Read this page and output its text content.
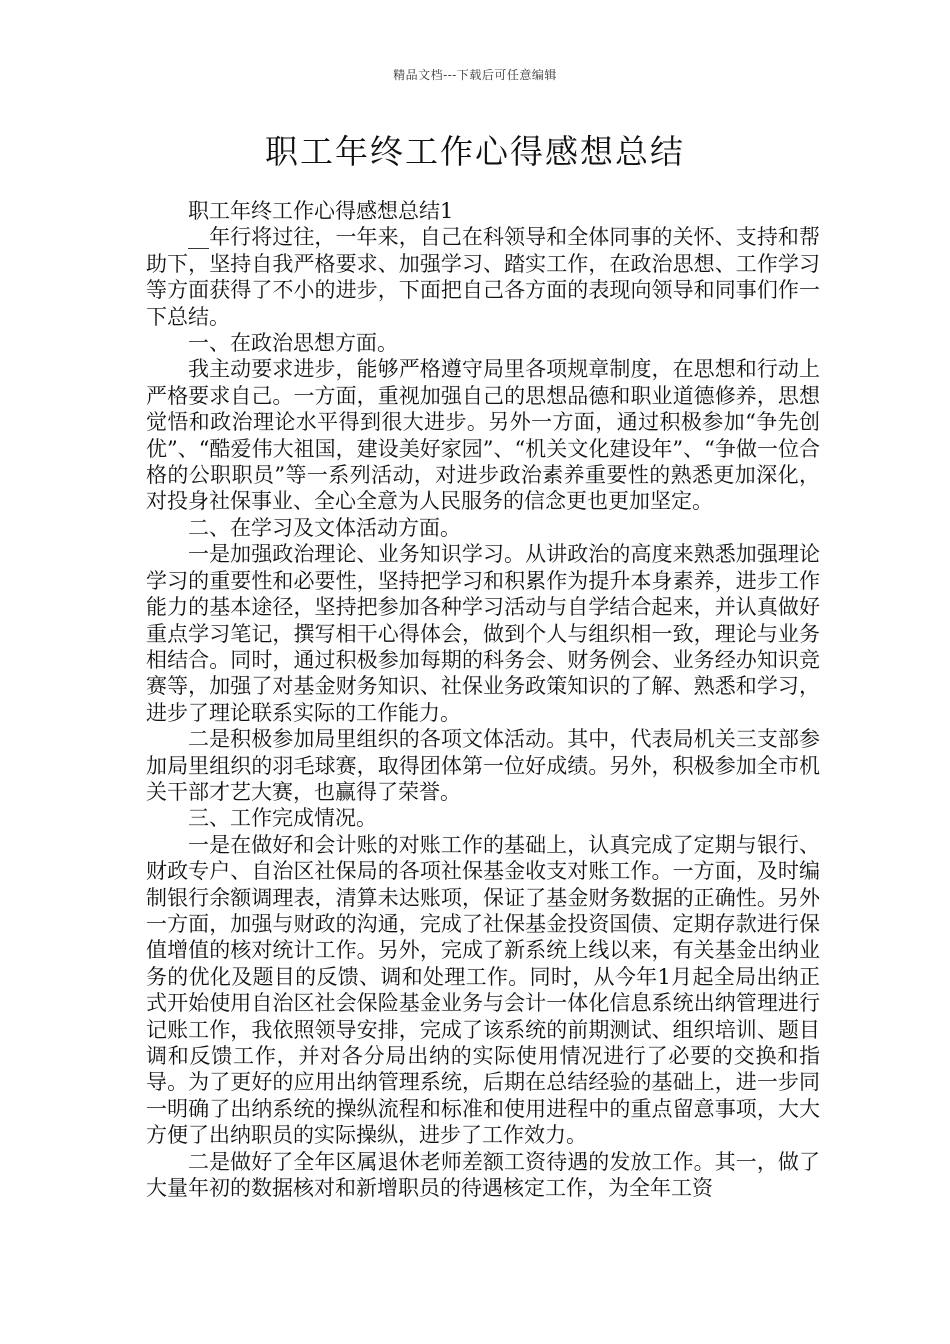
精品文档---下载后可任意编辑
职工年终工作心得感想总结

职工年终工作心得感想总结1

__年行将过往，一年来，自己在科领导和全体同事的关怀、支持和帮助下，坚持自我严格要求、加强学习、踏实工作，在政治思想、工作学习等方面获得了不小的进步，下面把自己各方面的表现向领导和同事们作一下总结。

一、在政治思想方面。

我主动要求进步，能够严格遵守局里各项规章制度，在思想和行动上严格要求自己。一方面，重视加强自己的思想品德和职业道德修养，思想觉悟和政治理论水平得到很大进步。另外一方面，通过积极参加“争先创优”、“酷爱伟大祖国，建设美好家园”、“机关文化建设年”、“争做一位合格的公职职员”等一系列活动，对进步政治素养重要性的熟悉更加深化，对投身社保事业、全心全意为人民服务的信念更也更加坚定。

二、在学习及文体活动方面。

一是加强政治理论、业务知识学习。从讲政治的高度来熟悉加强理论学习的重要性和必要性，坚持把学习和积累作为提升本身素养，进步工作能力的基本途径，坚持把参加各种学习活动与自学结合起来，并认真做好重点学习笔记，撰写相干心得体会，做到个人与组织相一致，理论与业务相结合。同时，通过积极参加每期的科务会、财务例会、业务经办知识竞赛等，加强了对基金财务知识、社保业务政策知识的了解、熟悉和学习，进步了理论联系实际的工作能力。

二是积极参加局里组织的各项文体活动。其中，代表局机关三支部参加局里组织的羽毛球赛，取得团体第一位好成绩。另外，积极参加全市机关干部才艺大赛，也赢得了荣誉。

三、工作完成情况。

一是在做好和会计账的对账工作的基础上，认真完成了定期与银行、财政专户、自治区社保局的各项社保基金收支对账工作。一方面，及时编制银行余额调理表，清算未达账项，保证了基金财务数据的正确性。另外一方面，加强与财政的沟通，完成了社保基金投资国债、定期存款进行保值增值的核对统计工作。另外，完成了新系统上线以来，有关基金出纳业务的优化及题目的反馈、调和处理工作。同时，从今年1月起全局出纳正式开始使用自治区社会保险基金业务与会计一体化信息系统出纳管理进行记账工作，我依照领导安排，完成了该系统的前期测试、组织培训、题目调和反馈工作，并对各分局出纳的实际使用情况进行了必要的交换和指导。为了更好的应用出纳管理系统，后期在总结经验的基础上，进一步同一明确了出纳系统的操纵流程和标准和使用进程中的重点留意事项，大大方便了出纳职员的实际操纵，进步了工作效力。

二是做好了全年区属退休老师差额工资待遇的发放工作。其一，做了大量年初的数据核对和新增职员的待遇核定工作，为全年工资
